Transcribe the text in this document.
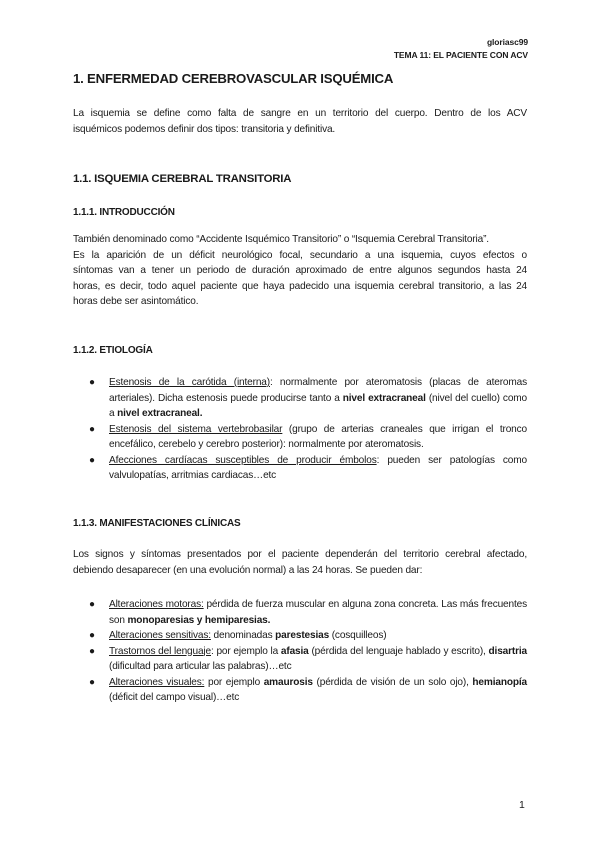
gloriasc99
TEMA 11: EL PACIENTE CON ACV
1. ENFERMEDAD CEREBROVASCULAR ISQUÉMICA

La isquemia se define como falta de sangre en un territorio del cuerpo. Dentro de los ACV
isquémicos podemos definir dos tipos: transitoria y definitiva.

1.1. ISQUEMIA CEREBRAL TRANSITORIA
1.1.1. INTRODUCCIÓN

También denominado como “Accidente Isquémico Transitorio” o “Isquemia Cerebral Transitoria”.
Es la aparición de un déficit neurológico focal, secundario a una isquemia, cuyos efectos o
síntomas van a tener un periodo de duración aproximado de entre algunos segundos hasta 24
horas, es decir, todo aquel paciente que haya padecido una isquemia cerebral transitorio, a las 24
horas debe ser asintomático.

1.1.2. ETIOLOGÍA
● Estenosis de la carótida (interna): normalmente por ateromatosis (placas de ateromas arteriales). Dicha estenosis puede producirse tanto a nivel extracraneal (nivel del cuello) como a nivel extracraneal.
● Estenosis del sistema vertebrobasilar (grupo de arterias craneales que irrigan el tronco encefálico, cerebelo y cerebro posterior): normalmente por ateromatosis.
● Afecciones cardíacas susceptibles de producir émbolos: pueden ser patologías como valvulopatías, arritmias cardiacas…etc
1.1.3. MANIFESTACIONES CLÍNICAS

Los signos y síntomas presentados por el paciente dependerán del territorio cerebral afectado,
debiendo desaparecer (en una evolución normal) a las 24 horas. Se pueden dar:

● Alteraciones motoras: pérdida de fuerza muscular en alguna zona concreta. Las más frecuentes son monoparesias y hemiparesias.
● Alteraciones sensitivas: denominadas parestesias (cosquilleos)
● Trastornos del lenguaje: por ejemplo la afasia (pérdida del lenguaje hablado y escrito), disartria (dificultad para articular las palabras)…etc
● Alteraciones visuales: por ejemplo amaurosis (pérdida de visión de un solo ojo), hemianopía (déficit del campo visual)…etc
1
